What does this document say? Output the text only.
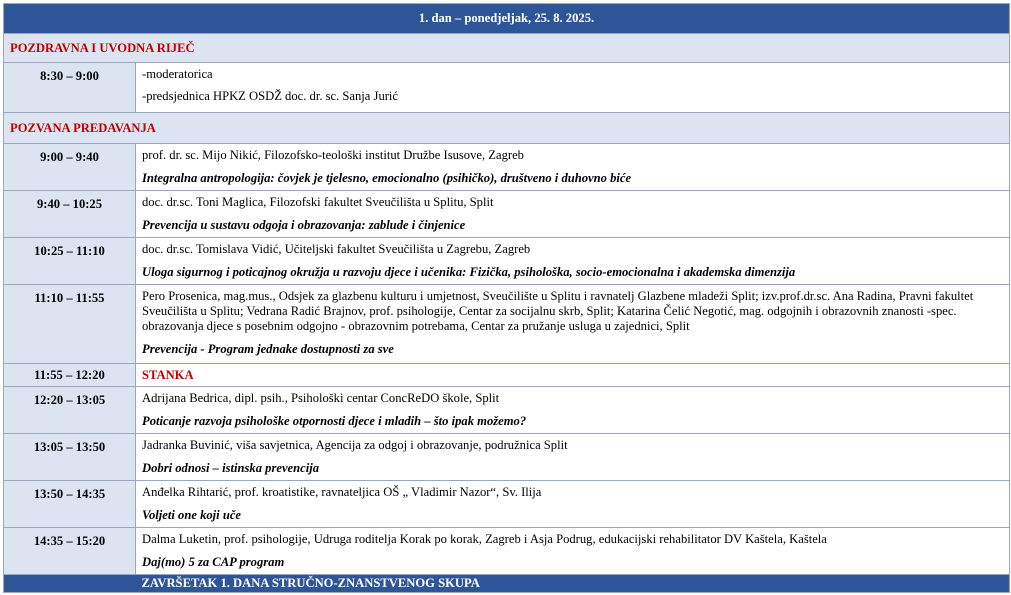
1. dan – ponedjeljak, 25. 8. 2025.	
POZDRAVNA I UVODNA RIJEČ	

8:30 – 9:00	-moderatorica
-predsjednica HPKZ OSDŽ doc. dr. sc. Sanja Jurić

POZVANA PREDAVANJA	

9:00 – 9:40	prof. dr. sc. Mijo Nikić, Filozofsko-teološki institut Družbe Isusove, Zagreb
Integralna antropologija: čovjek je tjelesno, emocionalno (psihičko), društveno i duhovno biće

9:40 – 10:25	doc. dr.sc. Toni Maglica, Filozofski fakultet Sveučilišta u Splitu, Split
Prevencija u sustavu odgoja i obrazovanja: zablude i činjenice

10:25 – 11:10	doc. dr.sc. Tomislava Vidić, Učiteljski fakultet Sveučilišta u Zagrebu, Zagreb
Uloga sigurnog i poticajnog okružja u razvoju djece i učenika: Fizička, psihološka, socio-emocionalna i akademska dimenzija

11:10 – 11:55	Pero Prosenica, mag.mus., Odsjek za glazbenu kulturu i umjetnost, Sveučilište u Splitu i ravnatelj Glazbene mladeži Split; izv.prof.dr.sc. Ana Radina, Pravni fakultet Sveučilišta u Splitu; Vedrana Radić Brajnov, prof. psihologije, Centar za socijalnu skrb, Split; Katarina Čelić Negotić, mag. odgojnih i obrazovnih znanosti -spec. obrazovanja djece s posebnim odgojno - obrazovnim potrebama, Centar za pružanje usluga u zajednici, Split
Prevencija - Program jednake dostupnosti za sve

11:55 – 12:20	STANKA

12:20 – 13:05	Adrijana Bedrica, dipl. psih., Psihološki centar ConcReDO škole, Split
Poticanje razvoja psihološke otpornosti djece i mladih – što ipak možemo?

13:05 – 13:50	Jadranka Buvinić, viša savjetnica, Agencija za odgoj i obrazovanje, podružnica Split
Dobri odnosi – istinska prevencija

13:50 – 14:35	Anđelka Rihtarić, prof. kroatistike, ravnateljica OŠ „ Vladimir Nazor“, Sv. Ilija
Voljeti one koji uče

14:35 – 15:20	Dalma Luketin, prof. psihologije, Udruga roditelja Korak po korak, Zagreb i Asja Podrug, edukacijski rehabilitator DV Kaštela, Kaštela
Daj(mo) 5 za CAP program

	ZAVRŠETAK 1. DANA STRUČNO-ZNANSTVENOG SKUPA
